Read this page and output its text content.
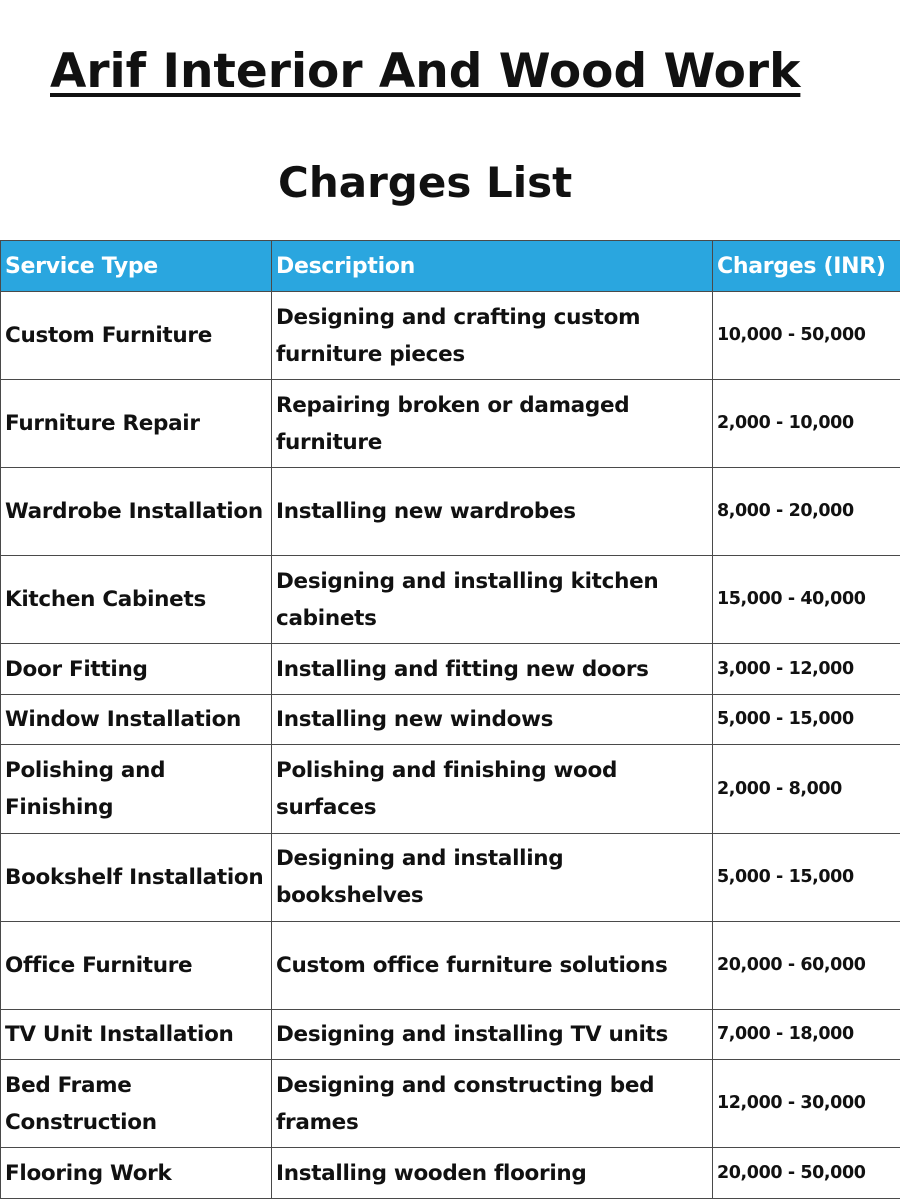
Arif Interior And Wood Work
Charges List
Service Type	Description	Charges (INR)
Custom Furniture	Designing and crafting custom furniture pieces	10,000 - 50,000
Furniture Repair	Repairing broken or damaged furniture	2,000 - 10,000
Wardrobe Installation	Installing new wardrobes	8,000 - 20,000
Kitchen Cabinets	Designing and installing kitchen cabinets	15,000 - 40,000
Door Fitting	Installing and fitting new doors	3,000 - 12,000
Window Installation	Installing new windows	5,000 - 15,000
Polishing and Finishing	Polishing and finishing wood surfaces	2,000 - 8,000
Bookshelf Installation	Designing and installing bookshelves	5,000 - 15,000
Office Furniture	Custom office furniture solutions	20,000 - 60,000
TV Unit Installation	Designing and installing TV units	7,000 - 18,000
Bed Frame Construction	Designing and constructing bed frames	12,000 - 30,000
Flooring Work	Installing wooden flooring	20,000 - 50,000
